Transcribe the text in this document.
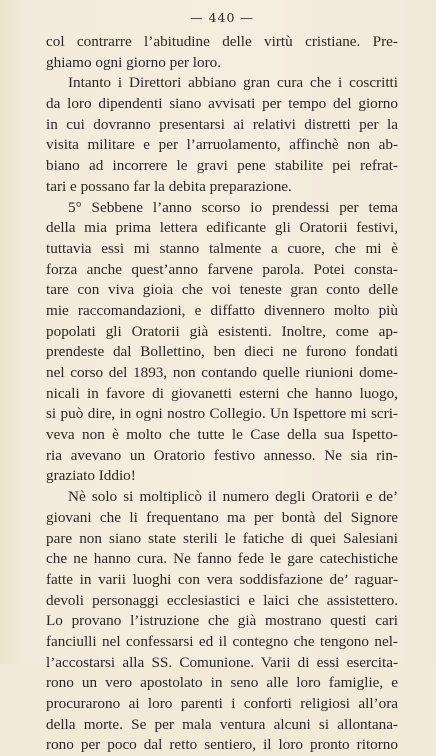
— 440 —
col contrarre l’abitudine delle virtù cristiane. Pre-
ghiamo ogni giorno per loro.
Intanto i Direttori abbiano gran cura che i coscritti
da loro dipendenti siano avvisati per tempo del giorno
in cui dovranno presentarsi ai relativi distretti per la
visita militare e per l’arruolamento, affinchè non ab-
biano ad incorrere le gravi pene stabilite pei refrat-
tari e possano far la debita preparazione.
5° Sebbene l’anno scorso io prendessi per tema
della mia prima lettera edificante gli Oratorii festivi,
tuttavia essi mi stanno talmente a cuore, che mi è
forza anche quest’anno farvene parola. Potei consta-
tare con viva gioia che voi teneste gran conto delle
mie raccomandazioni, e diffatto divennero molto più
popolati gli Oratorii già esistenti. Inoltre, come ap-
prendeste dal Bollettino, ben dieci ne furono fondati
nel corso del 1893, non contando quelle riunioni dome-
nicali in favore di giovanetti esterni che hanno luogo,
si può dire, in ogni nostro Collegio. Un Ispettore mi scri-
veva non è molto che tutte le Case della sua Ispetto-
ria avevano un Oratorio festivo annesso. Ne sia rin-
graziato Iddio!
Nè solo si moltiplicò il numero degli Oratorii e de’
giovani che li frequentano ma per bontà del Signore
pare non siano state sterili le fatiche di quei Salesiani
che ne hanno cura. Ne fanno fede le gare catechistiche
fatte in varii luoghi con vera soddisfazione de’ raguar-
devoli personaggi ecclesiastici e laici che assistettero.
Lo provano l’istruzione che già mostrano questi cari
fanciulli nel confessarsi ed il contegno che tengono nel-
l’accostarsi alla SS. Comunione. Varii di essi esercita-
rono un vero apostolato in seno alle loro famiglie, e
procurarono ai loro parenti i conforti religiosi all’ora
della morte. Se per mala ventura alcuni si allontana-
rono per poco dal retto sentiero, il loro pronto ritorno
